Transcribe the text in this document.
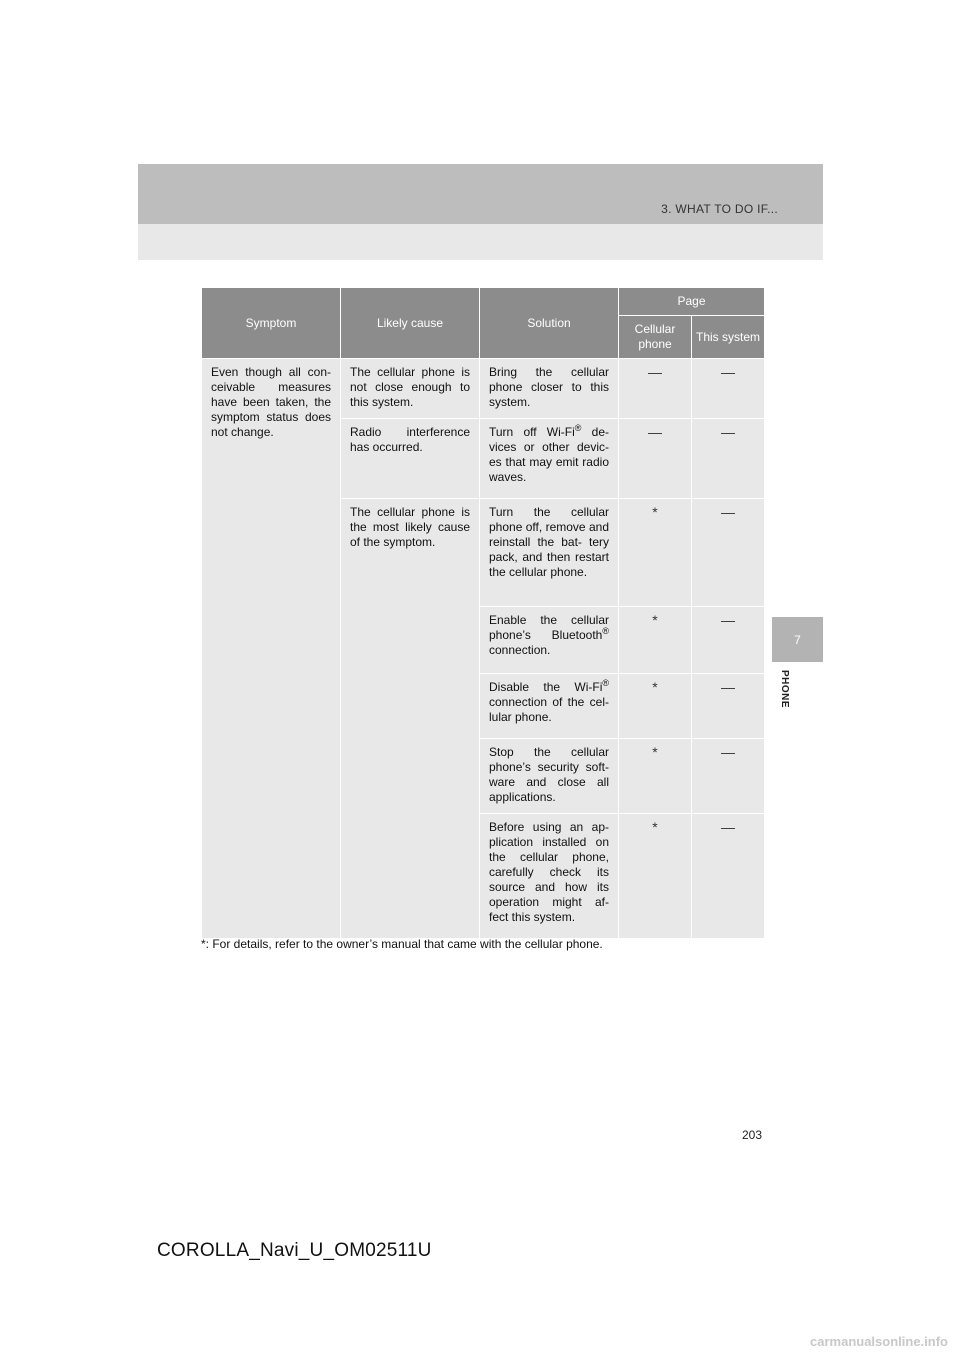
3. WHAT TO DO IF...
7
PHONE
Symptom	Likely cause	Solution	Page	
			Cellular phone	This system
Even though all con- ceivable measures have been taken, the symptom status does not change.	The cellular phone is not close enough to this system.	Bring the cellular phone closer to this system.	—	—
	Radio interference has occurred.	Turn off Wi-Fi® de- vices or other devic- es that may emit radio waves.	—	—
	The cellular phone is the most likely cause of the symptom.	Turn the cellular phone off, remove and reinstall the bat- tery pack, and then restart the cellular phone.	*	—
		Enable the cellular phone’s Bluetooth® connection.	*	—
		Disable the Wi-Fi® connection of the cel- lular phone.	*	—
		Stop the cellular phone’s security soft- ware and close all applications.	*	—
		Before using an ap- plication installed on the cellular phone, carefully check its source and how its operation might af- fect this system.	*	—
*: For details, refer to the owner’s manual that came with the cellular phone.
203
COROLLA_Navi_U_OM02511U
carmanualsonline.info
